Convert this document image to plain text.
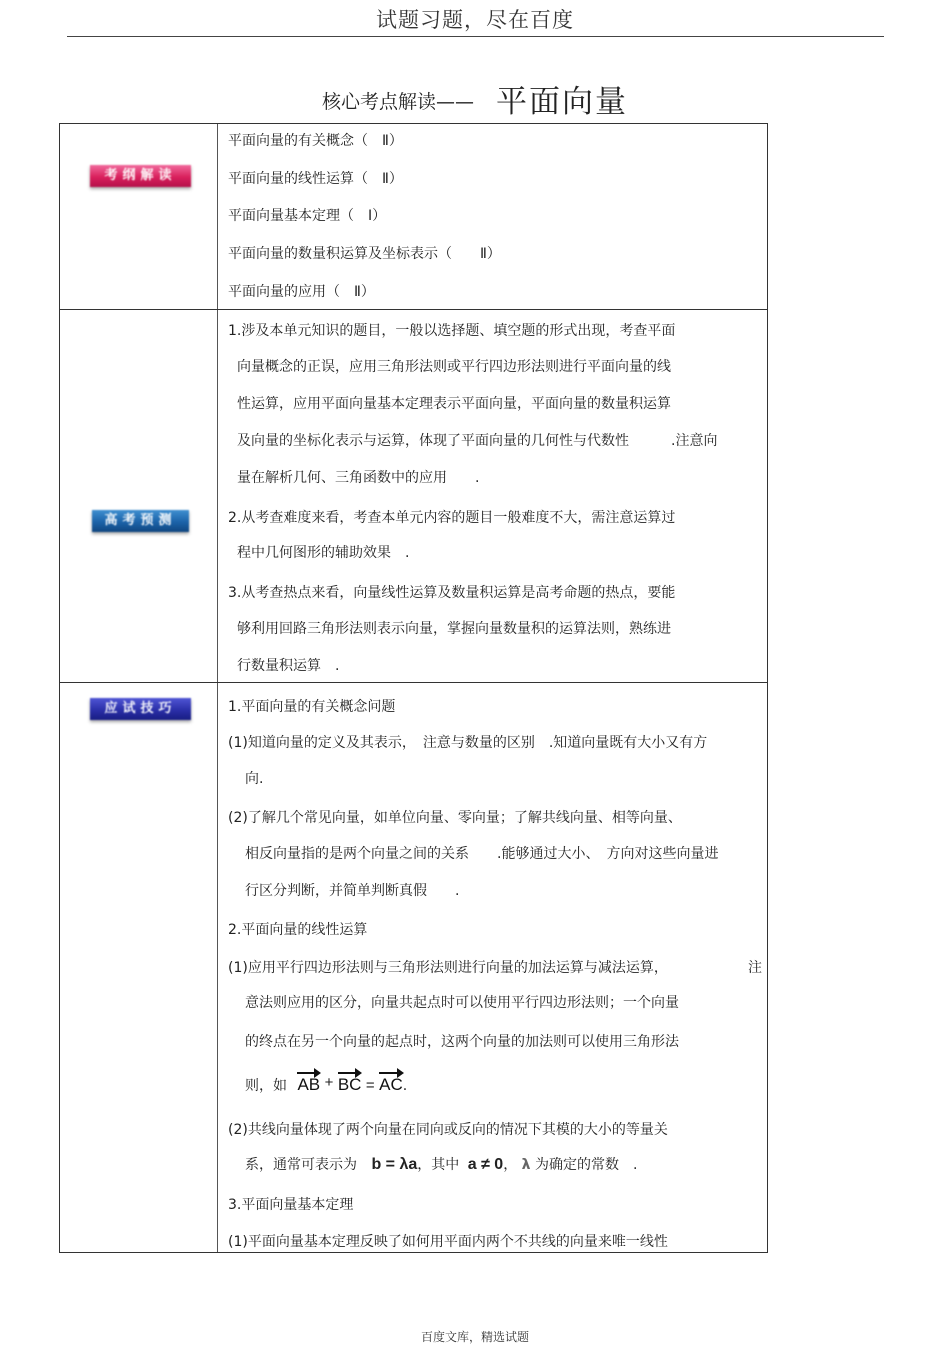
试题习题，尽在百度
核心考点解读—— 平面向量
考纲解读
高考预测
应试技巧
平面向量的有关概念（　Ⅱ）
平面向量的线性运算（　Ⅱ）
平面向量基本定理（　Ⅰ）
平面向量的数量积运算及坐标表示（　　Ⅱ）
平面向量的应用（　Ⅱ）
1.涉及本单元知识的题目，一般以选择题、填空题的形式出现，考查平面
向量概念的正误，应用三角形法则或平行四边形法则进行平面向量的线
性运算，应用平面向量基本定理表示平面向量，平面向量的数量积运算
及向量的坐标化表示与运算，体现了平面向量的几何性与代数性　　　.注意向
量在解析几何、三角函数中的应用　　.
2.从考查难度来看，考查本单元内容的题目一般难度不大，需注意运算过
程中几何图形的辅助效果　.
3.从考查热点来看，向量线性运算及数量积运算是高考命题的热点，要能
够利用回路三角形法则表示向量，掌握向量数量积的运算法则，熟练进
行数量积运算　.
1.平面向量的有关概念问题
(1)知道向量的定义及其表示，　注意与数量的区别　.知道向量既有大小又有方
向.
(2)了解几个常见向量，如单位向量、零向量；了解共线向量、相等向量、
相反向量指的是两个向量之间的关系　　.能够通过大小、　方向对这些向量进
行区分判断，并简单判断真假　　.
2.平面向量的线性运算
(1)应用平行四边形法则与三角形法则进行向量的加法运算与减法运算，	注
意法则应用的区分，向量共起点时可以使用平行四边形法则；一个向量
的终点在另一个向量的起点时，这两个向量的加法则可以使用三角形法
则，如 AB + BC = AC.
(2)共线向量体现了两个向量在同向或反向的情况下其模的大小的等量关
系，通常可表示为 b = λa，其中 a ≠ 0， λ 为确定的常数　.
3.平面向量基本定理
(1)平面向量基本定理反映了如何用平面内两个不共线的向量来唯一线性
百度文库，精选试题
